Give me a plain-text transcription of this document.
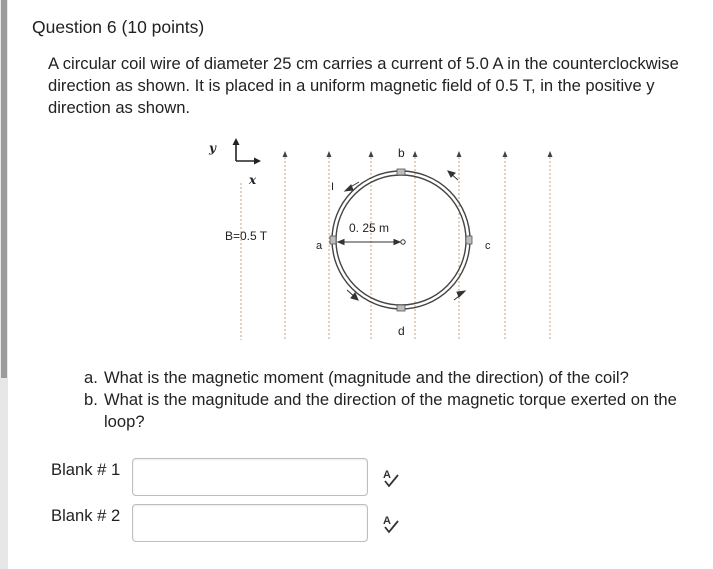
Question 6 (10 points)
A circular coil wire of diameter 25 cm carries a current of 5.0 A in the counterclockwise direction as shown. It is placed in a uniform magnetic field of 0.5 T, in the positive y direction as shown.
y
x
B=0.5 T
I
0. 25 m
a
b
c
d
a. What is the magnetic moment (magnitude and the direction) of the coil?
b. What is the magnitude and the direction of the magnetic torque exerted on the loop?
Blank # 1	A
Blank # 2	A
